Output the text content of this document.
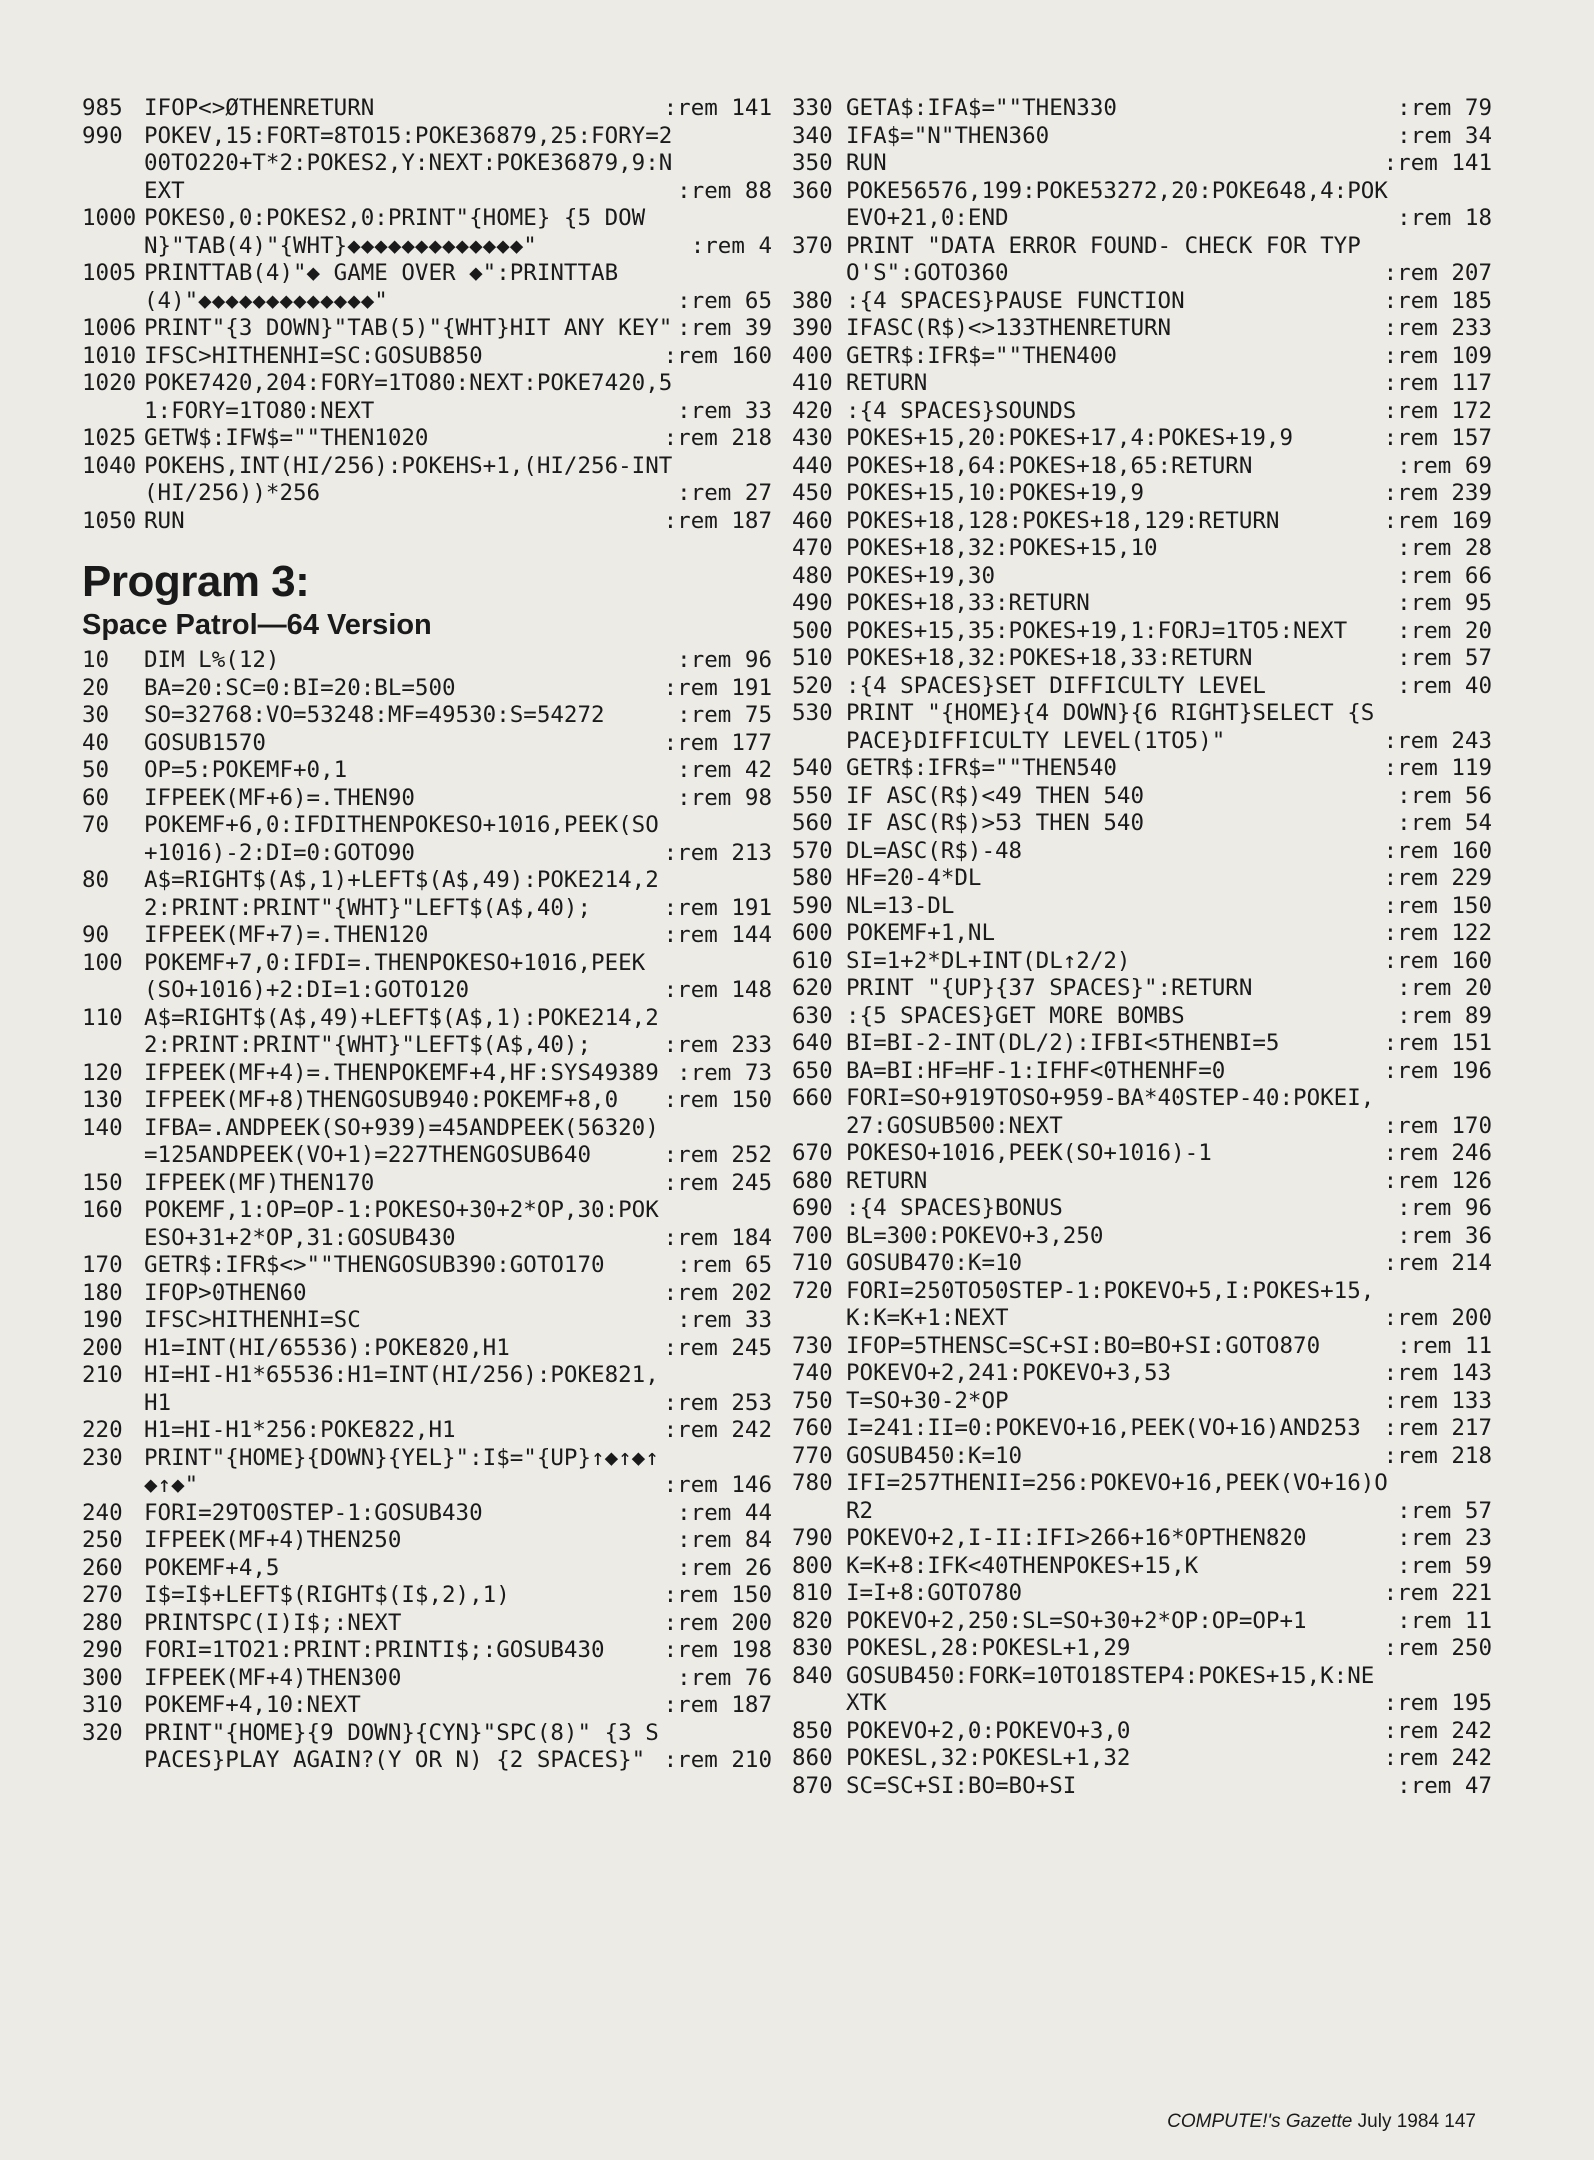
985 IFOP<>ØTHENRETURN	:rem 141
990 POKEV,15:FORT=8TO15:POKE36879,25:FORY=200TO220+T*2:POKES2,Y:NEXT:POKE36879,9:NEXT	:rem 88
1000 POKES0,0:POKES2,0:PRINT"{HOME} {5 DOWN}"TAB(4)"{WHT}◆◆◆◆◆◆◆◆◆◆◆◆◆"	:rem 4
1005 PRINTTAB(4)"◆ GAME OVER ◆":PRINTTAB(4)"◆◆◆◆◆◆◆◆◆◆◆◆◆"	:rem 65
1006 PRINT"{3 DOWN}"TAB(5)"{WHT}HIT ANY KEY" :rem 39
1010 IFSC>HITHENHI=SC:GOSUB850	:rem 160
1020 POKE7420,204:FORY=1TO80:NEXT:POKE7420,51:FORY=1TO80:NEXT	:rem 33
1025 GETW$:IFW$=""THEN1020	:rem 218
1040 POKEHS,INT(HI/256):POKEHS+1,(HI/256-INT(HI/256))*256	:rem 27
1050 RUN	:rem 187
Program 3:
Space Patrol—64 Version
10	DIM L%(12)	:rem 96
20	BA=20:SC=0:BI=20:BL=500	:rem 191
30	SO=32768:VO=53248:MF=49530:S=54272	:rem 75
40	GOSUB1570	:rem 177
50	OP=5:POKEMF+0,1	:rem 42
60	IFPEEK(MF+6)=.THEN90	:rem 98
70	POKEMF+6,0:IFDITHENPOKESO+1016,PEEK(SO+1016)-2:DI=0:GOTO90	:rem 213
80	A$=RIGHT$(A$,1)+LEFT$(A$,49):POKE214,22:PRINT:PRINT"{WHT}"LEFT$(A$,40);	:rem 191
90	IFPEEK(MF+7)=.THEN120	:rem 144
100 POKEMF+7,0:IFDI=.THENPOKESO+1016,PEEK(SO+1016)+2:DI=1:GOTO120	:rem 148
110 A$=RIGHT$(A$,49)+LEFT$(A$,1):POKE214,22:PRINT:PRINT"{WHT}"LEFT$(A$,40);	:rem 233
120 IFPEEK(MF+4)=.THENPOKEMF+4,HF:SYS49389 :rem 73
130 IFPEEK(MF+8)THENGOSUB940:POKEMF+8,0	:rem 150
140 IFBA=.ANDPEEK(SO+939)=45ANDPEEK(56320)=125ANDPEEK(VO+1)=227THENGOSUB640	:rem 252
150 IFPEEK(MF)THEN170	:rem 245
160 POKEMF,1:OP=OP-1:POKESO+30+2*OP,30:POKESO+31+2*OP,31:GOSUB430	:rem 184
170 GETR$:IFR$<>""THENGOSUB390:GOTO170	:rem 65
180 IFOP>0THEN60	:rem 202
190 IFSC>HITHENHI=SC	:rem 33
200 H1=INT(HI/65536):POKE820,H1	:rem 245
210 HI=HI-H1*65536:H1=INT(HI/256):POKE821,H1	:rem 253
220 H1=HI-H1*256:POKE822,H1	:rem 242
230 PRINT"{HOME}{DOWN}{YEL}":I$="{UP}↑◆↑◆↑◆↑◆"	:rem 146
240 FORI=29TO0STEP-1:GOSUB430	:rem 44
250 IFPEEK(MF+4)THEN250	:rem 84
260 POKEMF+4,5	:rem 26
270 I$=I$+LEFT$(RIGHT$(I$,2),1)	:rem 150
280 PRINTSPC(I)I$;:NEXT	:rem 200
290 FORI=1TO21:PRINT:PRINTI$;:GOSUB430	:rem 198
300 IFPEEK(MF+4)THEN300	:rem 76
310 POKEMF+4,10:NEXT	:rem 187
320 PRINT"{HOME}{9 DOWN}{CYN}"SPC(8)" {3 SPACES}PLAY AGAIN?(Y OR N) {2 SPACES}" :rem 210
330 GETA$:IFA$=""THEN330	:rem 79
340 IFA$="N"THEN360	:rem 34
350 RUN	:rem 141
360 POKE56576,199:POKE53272,20:POKE648,4:POKEVO+21,0:END	:rem 18
370 PRINT "DATA ERROR FOUND- CHECK FOR TYPO'S":GOTO360	:rem 207
380 :{4 SPACES}PAUSE FUNCTION	:rem 185
390 IFASC(R$)<>133THENRETURN	:rem 233
400 GETR$:IFR$=""THEN400	:rem 109
410 RETURN	:rem 117
420 :{4 SPACES}SOUNDS	:rem 172
430 POKES+15,20:POKES+17,4:POKES+19,9	:rem 157
440 POKES+18,64:POKES+18,65:RETURN	:rem 69
450 POKES+15,10:POKES+19,9	:rem 239
460 POKES+18,128:POKES+18,129:RETURN	:rem 169
470 POKES+18,32:POKES+15,10	:rem 28
480 POKES+19,30	:rem 66
490 POKES+18,33:RETURN	:rem 95
500 POKES+15,35:POKES+19,1:FORJ=1TO5:NEXT	:rem 20
510 POKES+18,32:POKES+18,33:RETURN	:rem 57
520 :{4 SPACES}SET DIFFICULTY LEVEL	:rem 40
530 PRINT "{HOME}{4 DOWN}{6 RIGHT}SELECT {SPACE}DIFFICULTY LEVEL(1TO5)"	:rem 243
540 GETR$:IFR$=""THEN540	:rem 119
550 IF ASC(R$)<49 THEN 540	:rem 56
560 IF ASC(R$)>53 THEN 540	:rem 54
570 DL=ASC(R$)-48	:rem 160
580 HF=20-4*DL	:rem 229
590 NL=13-DL	:rem 150
600 POKEMF+1,NL	:rem 122
610 SI=1+2*DL+INT(DL↑2/2)	:rem 160
620 PRINT "{UP}{37 SPACES}":RETURN	:rem 20
630 :{5 SPACES}GET MORE BOMBS	:rem 89
640 BI=BI-2-INT(DL/2):IFBI<5THENBI=5	:rem 151
650 BA=BI:HF=HF-1:IFHF<0THENHF=0	:rem 196
660 FORI=SO+919TOSO+959-BA*40STEP-40:POKEI,27:GOSUB500:NEXT	:rem 170
670 POKESO+1016,PEEK(SO+1016)-1	:rem 246
680 RETURN	:rem 126
690 :{4 SPACES}BONUS	:rem 96
700 BL=300:POKEVO+3,250	:rem 36
710 GOSUB470:K=10	:rem 214
720 FORI=250TO50STEP-1:POKEVO+5,I:POKES+15,K:K=K+1:NEXT	:rem 200
730 IFOP=5THENSC=SC+SI:BO=BO+SI:GOTO870	:rem 11
740 POKEVO+2,241:POKEVO+3,53	:rem 143
750 T=SO+30-2*OP	:rem 133
760 I=241:II=0:POKEVO+16,PEEK(VO+16)AND253	:rem 217
770 GOSUB450:K=10	:rem 218
780 IFI=257THENII=256:POKEVO+16,PEEK(VO+16)OR2	:rem 57
790 POKEVO+2,I-II:IFI>266+16*OPTHEN820	:rem 23
800 K=K+8:IFK<40THENPOKES+15,K	:rem 59
810 I=I+8:GOTO780	:rem 221
820 POKEVO+2,250:SL=SO+30+2*OP:OP=OP+1	:rem 11
830 POKESL,28:POKESL+1,29	:rem 250
840 GOSUB450:FORK=10TO18STEP4:POKES+15,K:NEXTK	:rem 195
850 POKEVO+2,0:POKEVO+3,0	:rem 242
860 POKESL,32:POKESL+1,32	:rem 242
870 SC=SC+SI:BO=BO+SI	:rem 47
COMPUTE!'s Gazette July 1984 147
